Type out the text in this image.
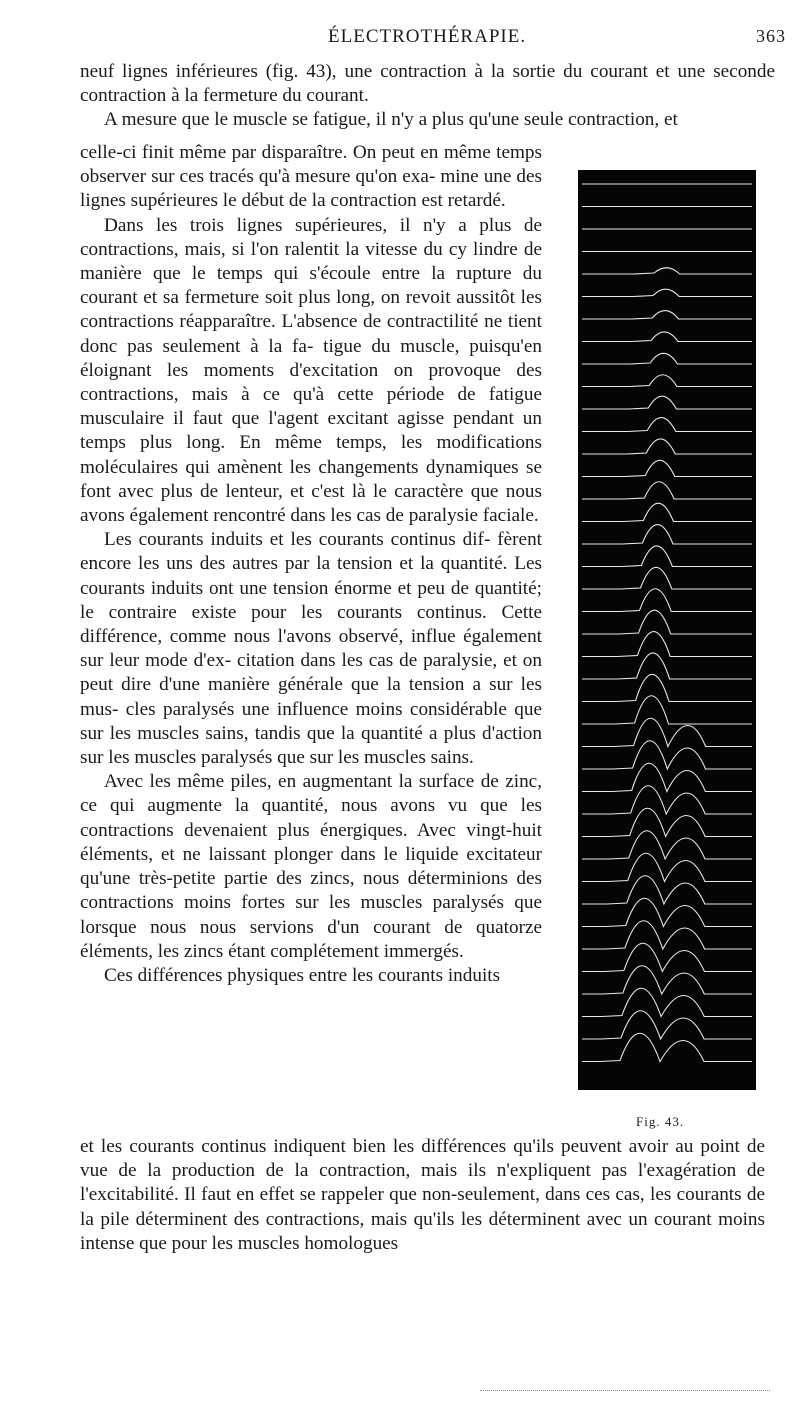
ÉLECTROTHÉRAPIE.	363

neuf lignes inférieures (fig. 43), une contraction à la sortie du courant et une seconde contraction à la fermeture du courant.

A mesure que le muscle se fatigue, il n'y a plus qu'une seule contraction, et

celle-ci finit même par disparaître. On peut en même temps observer sur ces tracés qu'à mesure qu'on exa- mine une des lignes supérieures le début de la contraction est retardé.

Dans les trois lignes supérieures, il n'y a plus de contractions, mais, si l'on ralentit la vitesse du cy lindre de manière que le temps qui s'écoule entre la rupture du courant et sa fermeture soit plus long, on revoit aussitôt les contractions réapparaître. L'absence de contractilité ne tient donc pas seulement à la fa- tigue du muscle, puisqu'en éloignant les moments d'excitation on provoque des contractions, mais à ce qu'à cette période de fatigue musculaire il faut que l'agent excitant agisse pendant un temps plus long. En même temps, les modifications moléculaires qui amènent les changements dynamiques se font avec plus de lenteur, et c'est là le caractère que nous avons également rencontré dans les cas de paralysie faciale.

Les courants induits et les courants continus dif- fèrent encore les uns des autres par la tension et la quantité. Les courants induits ont une tension énorme et peu de quantité; le contraire existe pour les courants continus. Cette différence, comme nous l'avons observé, influe également sur leur mode d'ex- citation dans les cas de paralysie, et on peut dire d'une manière générale que la tension a sur les mus- cles paralysés une influence moins considérable que sur les muscles sains, tandis que la quantité a plus d'action sur les muscles paralysés que sur les muscles sains.

Avec les même piles, en augmentant la surface de zinc, ce qui augmente la quantité, nous avons vu que les contractions devenaient plus énergiques. Avec vingt-huit éléments, et ne laissant plonger dans le liquide excitateur qu'une très-petite partie des zincs, nous déterminions des contractions moins fortes sur les muscles paralysés que lorsque nous nous servions d'un courant de quatorze éléments, les zincs étant complétement immergés.

Ces différences physiques entre les courants induits

Fig. 43.

et les courants continus indiquent bien les différences qu'ils peuvent avoir au point de vue de la production de la contraction, mais ils n'expliquent pas l'exagération de l'excitabilité. Il faut en effet se rappeler que non-seulement, dans ces cas, les courants de la pile déterminent des contractions, mais qu'ils les déterminent avec un courant moins intense que pour les muscles homologues
